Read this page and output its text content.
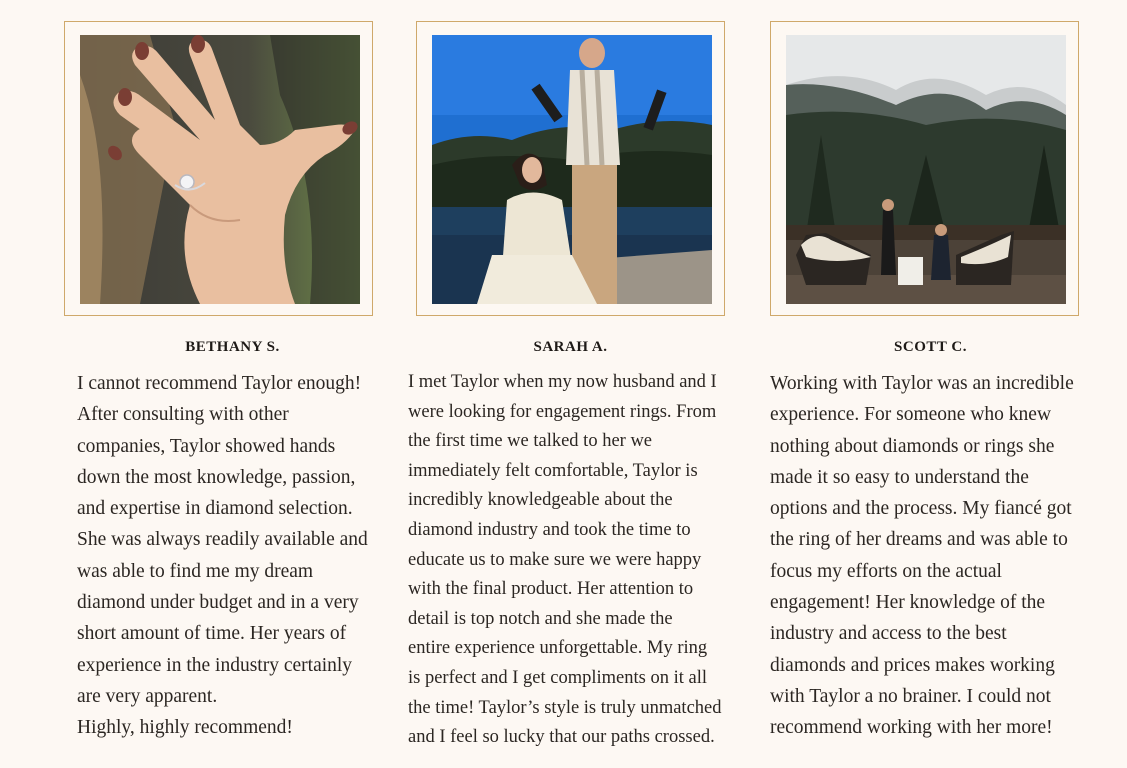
BETHANY S.
I cannot recommend Taylor enough!
After consulting with other
companies, Taylor showed hands
down the most knowledge, passion,
and expertise in diamond selection.
She was always readily available and
was able to find me my dream
diamond under budget and in a very
short amount of time. Her years of
experience in the industry certainly
are very apparent.
Highly, highly recommend!
SARAH A.
I met Taylor when my now husband and I
were looking for engagement rings. From
the first time we talked to her we
immediately felt comfortable, Taylor is
incredibly knowledgeable about the
diamond industry and took the time to
educate us to make sure we were happy
with the final product. Her attention to
detail is top notch and she made the
entire experience unforgettable. My ring
is perfect and I get compliments on it all
the time! Taylor’s style is truly unmatched
and I feel so lucky that our paths crossed.
SCOTT C.
Working with Taylor was an incredible
experience. For someone who knew
nothing about diamonds or rings she
made it so easy to understand the
options and the process. My fiancé got
the ring of her dreams and was able to
focus my efforts on the actual
engagement! Her knowledge of the
industry and access to the best
diamonds and prices makes working
with Taylor a no brainer. I could not
recommend working with her more!
